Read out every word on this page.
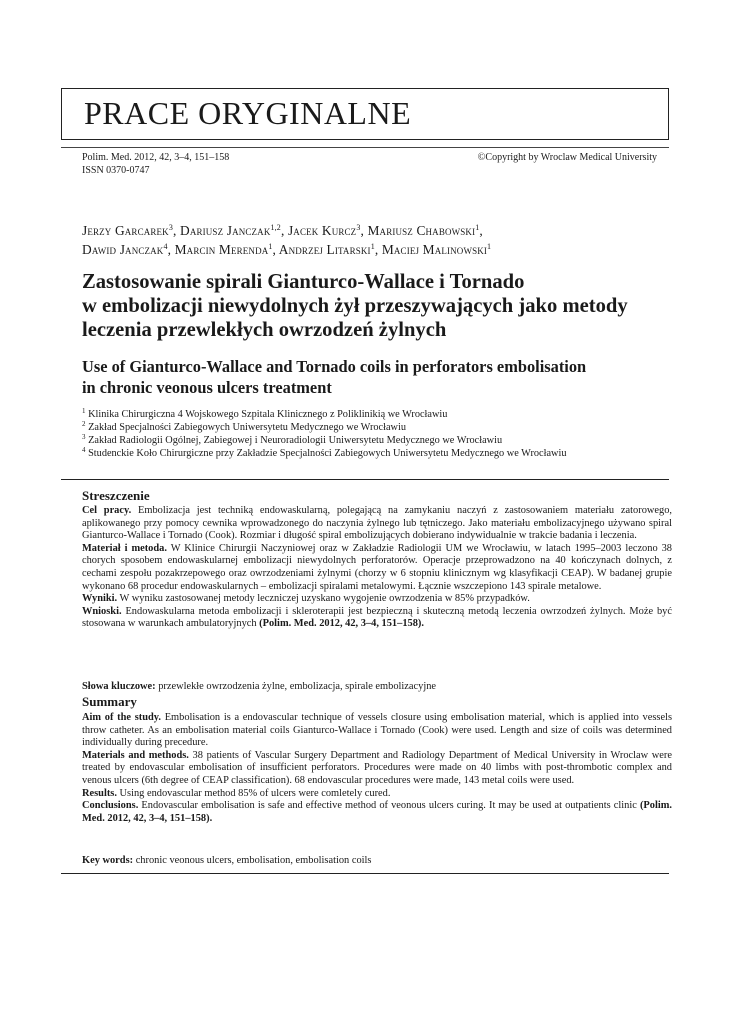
PRACE ORYGINALNE
Polim. Med. 2012, 42, 3–4, 151–158
ISSN 0370-0747
©Copyright by Wroclaw Medical University
Jerzy Garcarek$^3$, Dariusz Janczak$^{1,2}$, Jacek Kurcz$^3$, Mariusz Chabowski$^1$,
Dawid Janczak$^4$, Marcin Merenda$^1$, Andrzej Litarski$^1$, Maciej Malinowski$^1$
Zastosowanie spirali Gianturco-Wallace i Tornado
w embolizacji niewydolnych żył przeszywających jako metody
leczenia przewlekłych owrzodzeń żylnych
Use of Gianturco-Wallace and Tornado coils in perforators embolisation
in chronic veonous ulcers treatment
$^1$ Klinika Chirurgiczna 4 Wojskowego Szpitala Klinicznego z Poliklinikią we Wrocławiu
$^2$ Zakład Specjalności Zabiegowych Uniwersytetu Medycznego we Wrocławiu
$^3$ Zakład Radiologii Ogólnej, Zabiegowej i Neuroradiologii Uniwersytetu Medycznego we Wrocławiu
$^4$ Studenckie Koło Chirurgiczne przy Zakładzie Specjalności Zabiegowych Uniwersytetu Medycznego we Wrocławiu
Streszczenie

Cel pracy. Embolizacja jest techniką endowaskularną, polegającą na zamykaniu naczyń z zastosowaniem materiału zatorowego, aplikowanego przy pomocy cewnika wprowadzonego do naczynia żylnego lub tętniczego. Jako materiału embolizacyjnego używano spiral Gianturco-Wallace i Tornado (Cook). Rozmiar i długość spiral embolizujących dobierano indywidualnie w trakcie badania i leczenia.

Materiał i metoda. W Klinice Chirurgii Naczyniowej oraz w Zakładzie Radiologii UM we Wrocławiu, w latach 1995–2003 leczono 38 chorych sposobem endowaskularnej embolizacji niewydolnych perforatorów. Operacje przeprowadzono na 40 kończynach dolnych, z cechami zespołu pozakrzepowego oraz owrzodzeniami żylnymi (chorzy w 6 stopniu klinicznym wg klasyfikacji CEAP). W badanej grupie wykonano 68 procedur endowaskularnych – embolizacji spiralami metalowymi. Łącznie wszczepiono 143 spirale metalowe.

Wyniki. W wyniku zastosowanej metody leczniczej uzyskano wygojenie owrzodzenia w 85% przypadków.

Wnioski. Endowaskularna metoda embolizacji i skleroterapii jest bezpieczną i skuteczną metodą leczenia owrzodzeń żylnych. Może być stosowana w warunkach ambulatoryjnych (Polim. Med. 2012, 42, 3–4, 151–158).

Słowa kluczowe: przewlekłe owrzodzenia żylne, embolizacja, spirale embolizacyjne

Summary

Aim of the study. Embolisation is a endovascular technique of vessels closure using embolisation material, which is applied into vessels throw catheter. As an embolisation material coils Gianturco-Wallace i Tornado (Cook) were used. Length and size of coils was determined individually during precedure.

Materials and methods. 38 patients of Vascular Surgery Department and Radiology Department of Medical University in Wroclaw were treated by endovascular embolisation of insufficient perforators. Procedures were made on 40 limbs with post-thrombotic complex and venous ulcers (6th degree of CEAP classification). 68 endovascular procedures were made, 143 metal coils were used.

Results. Using endovascular method 85% of ulcers were comletely cured.

Conclusions. Endovascular embolisation is safe and effective method of veonous ulcers curing. It may be used at outpatients clinic (Polim. Med. 2012, 42, 3–4, 151–158).

Key words: chronic veonous ulcers, embolisation, embolisation coils
